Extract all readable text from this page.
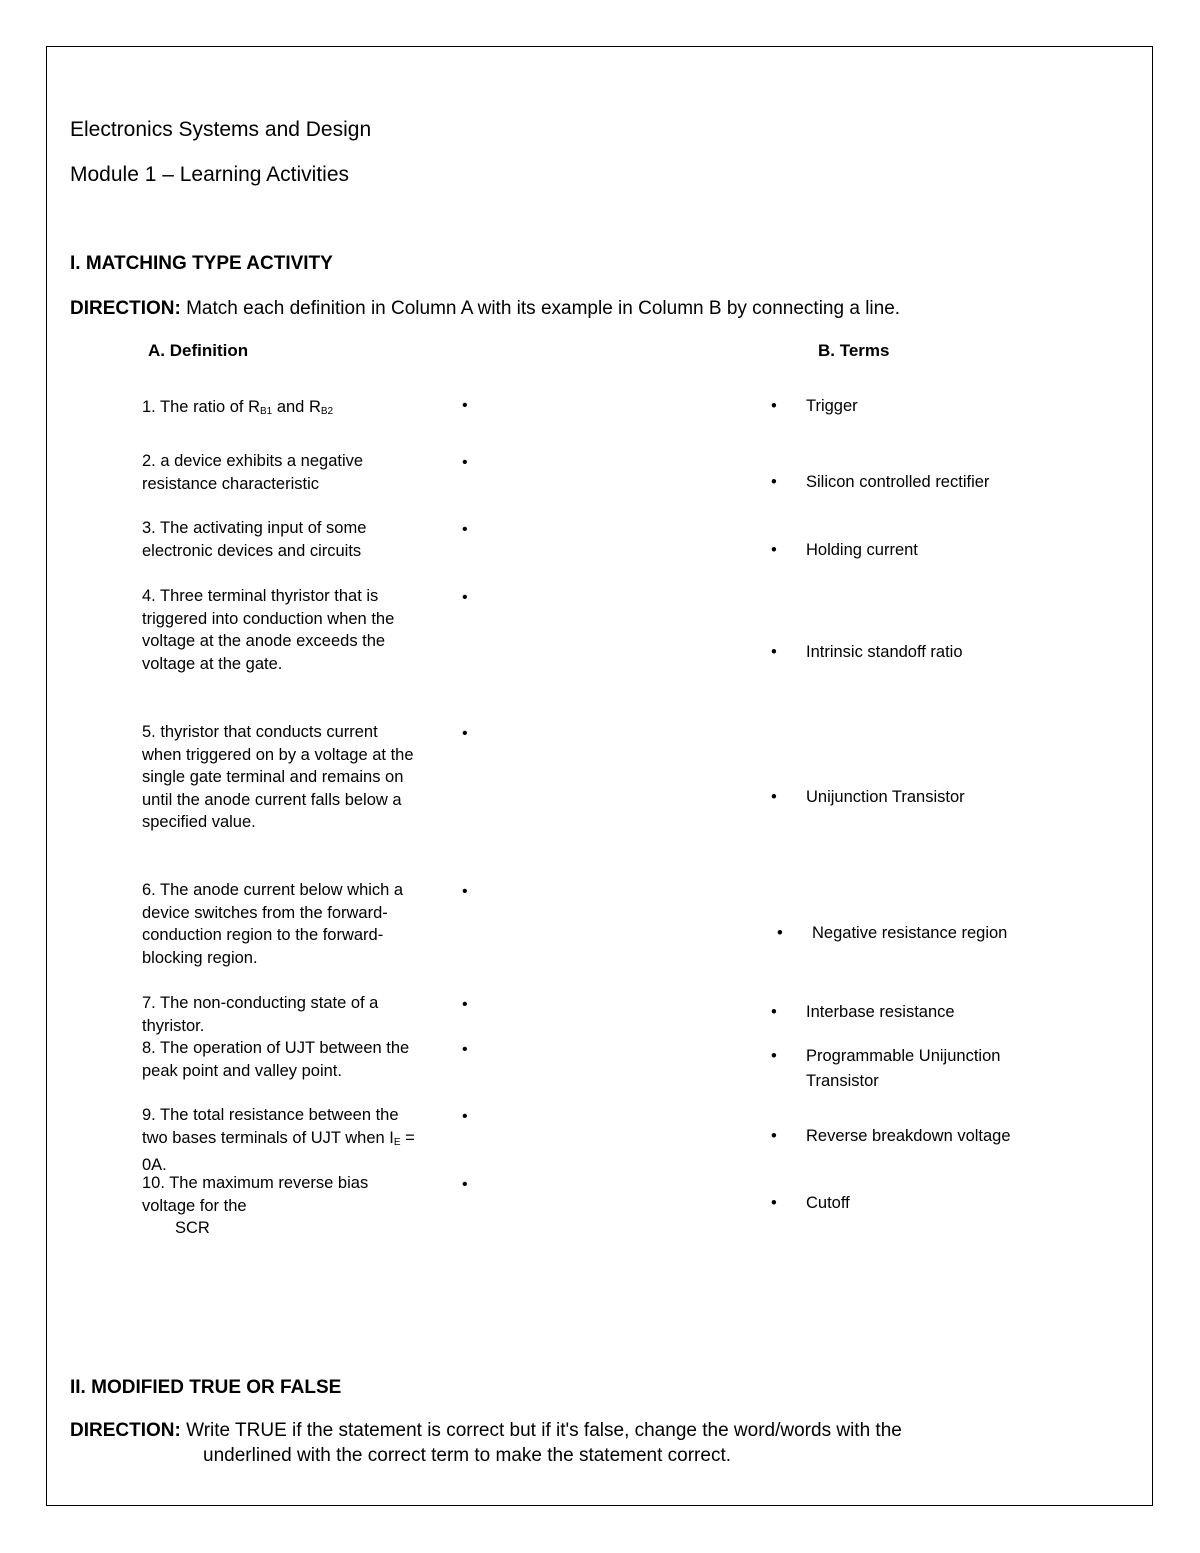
Electronics Systems and Design
Module 1 – Learning Activities
I. MATCHING TYPE ACTIVITY
DIRECTION: Match each definition in Column A with its example in Column B by connecting a line.
A. Definition	B. Terms
1. The ratio of $R_{B1}$ and $R_{B2}$
2. a device exhibits a negative resistance characteristic
3. The activating input of some electronic devices and circuits
4. Three terminal thyristor that is triggered into conduction when the voltage at the anode exceeds the voltage at the gate.
5. thyristor that conducts current when triggered on by a voltage at the single gate terminal and remains on until the anode current falls below a specified value.
6. The anode current below which a device switches from the forward-conduction region to the forward-blocking region.
7. The non-conducting state of a thyristor.
8. The operation of UJT between the peak point and valley point.
9. The total resistance between the two bases terminals of UJT when $I_E = 0A$.
10. The maximum reverse bias voltage for the
SCR
•
•
•
•
•
•
•
•
•
•
• Trigger
• Silicon controlled rectifier
• Holding current
• Intrinsic standoff ratio
• Unijunction Transistor
• Negative resistance region
• Interbase resistance
•	Programmable Unijunction Transistor
• Reverse breakdown voltage
• Cutoff
II. MODIFIED TRUE OR FALSE
DIRECTION: Write TRUE if the statement is correct but if it's false, change the word/words with the
underlined with the correct term to make the statement correct.
